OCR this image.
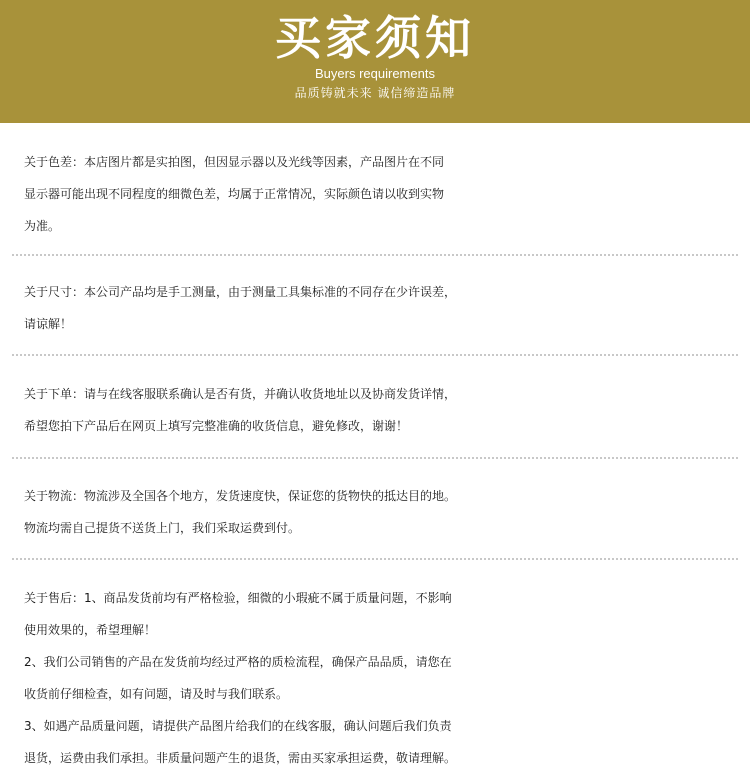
买家须知
Buyers requirements
品质铸就未来 诚信缔造品牌

关于色差：本店图片都是实拍图，但因显示器以及光线等因素，产品图片在不同

显示器可能出现不同程度的细微色差，均属于正常情况，实际颜色请以收到实物

为准。

关于尺寸：本公司产品均是手工测量，由于测量工具集标准的不同存在少许误差，

请谅解！

关于下单：请与在线客服联系确认是否有货，并确认收货地址以及协商发货详情，

希望您拍下产品后在网页上填写完整准确的收货信息，避免修改，谢谢！

关于物流：物流涉及全国各个地方，发货速度快，保证您的货物快的抵达目的地。

物流均需自己提货不送货上门，我们采取运费到付。

关于售后：1、商品发货前均有严格检验，细微的小瑕疵不属于质量问题，不影响

使用效果的，希望理解！

2、我们公司销售的产品在发货前均经过严格的质检流程，确保产品品质，请您在

收货前仔细检查，如有问题，请及时与我们联系。

3、如遇产品质量问题，请提供产品图片给我们的在线客服，确认问题后我们负责

退货，运费由我们承担。非质量问题产生的退货，需由买家承担运费，敬请理解。
